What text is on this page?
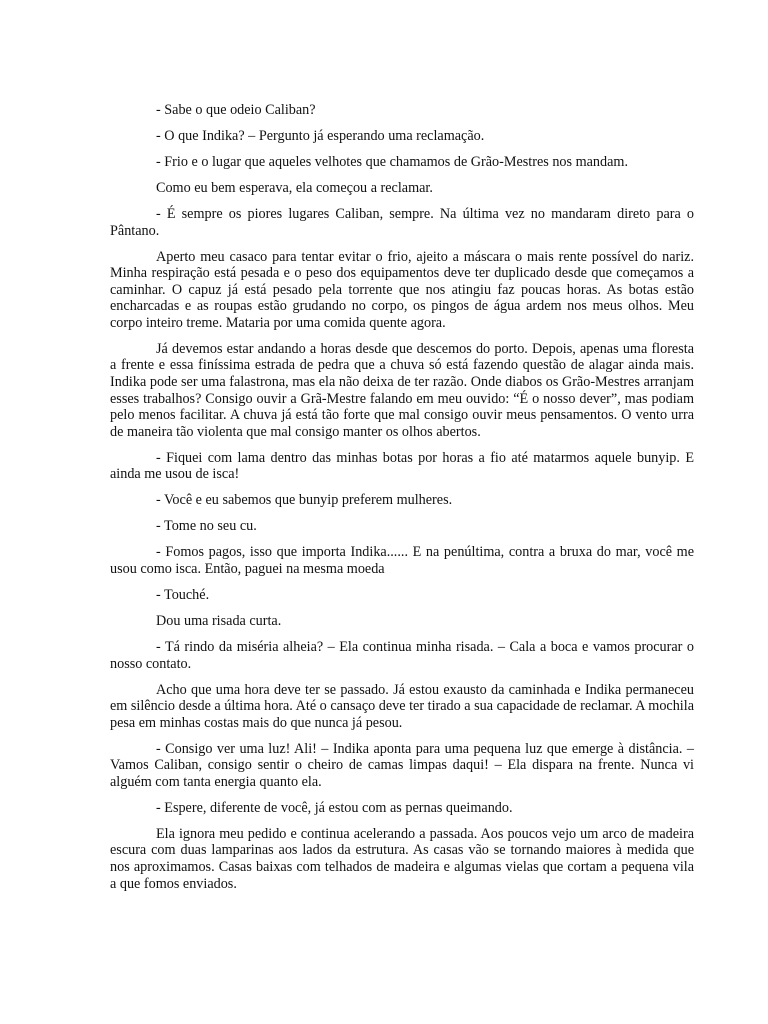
- Sabe o que odeio Caliban?

- O que Indika? – Pergunto já esperando uma reclamação.

- Frio e o lugar que aqueles velhotes que chamamos de Grão-Mestres nos mandam.

Como eu bem esperava, ela começou a reclamar.

- É sempre os piores lugares Caliban, sempre. Na última vez no mandaram direto para o Pântano.

Aperto meu casaco para tentar evitar o frio, ajeito a máscara o mais rente possível do nariz. Minha respiração está pesada e o peso dos equipamentos deve ter duplicado desde que começamos a caminhar. O capuz já está pesado pela torrente que nos atingiu faz poucas horas. As botas estão encharcadas e as roupas estão grudando no corpo, os pingos de água ardem nos meus olhos. Meu corpo inteiro treme. Mataria por uma comida quente agora.

Já devemos estar andando a horas desde que descemos do porto. Depois, apenas uma floresta a frente e essa finíssima estrada de pedra que a chuva só está fazendo questão de alagar ainda mais. Indika pode ser uma falastrona, mas ela não deixa de ter razão. Onde diabos os Grão-Mestres arranjam esses trabalhos? Consigo ouvir a Grã-Mestre falando em meu ouvido: “É o nosso dever”, mas podiam pelo menos facilitar. A chuva já está tão forte que mal consigo ouvir meus pensamentos. O vento urra de maneira tão violenta que mal consigo manter os olhos abertos.

- Fiquei com lama dentro das minhas botas por horas a fio até matarmos aquele bunyip. E ainda me usou de isca!

- Você e eu sabemos que bunyip preferem mulheres.

- Tome no seu cu.

- Fomos pagos, isso que importa Indika...... E na penúltima, contra a bruxa do mar, você me usou como isca. Então, paguei na mesma moeda

- Touché.

Dou uma risada curta.

- Tá rindo da miséria alheia? – Ela continua minha risada. – Cala a boca e vamos procurar o nosso contato.

Acho que uma hora deve ter se passado. Já estou exausto da caminhada e Indika permaneceu em silêncio desde a última hora. Até o cansaço deve ter tirado a sua capacidade de reclamar. A mochila pesa em minhas costas mais do que nunca já pesou.

- Consigo ver uma luz! Ali! – Indika aponta para uma pequena luz que emerge à distância. – Vamos Caliban, consigo sentir o cheiro de camas limpas daqui! – Ela dispara na frente. Nunca vi alguém com tanta energia quanto ela.

- Espere, diferente de você, já estou com as pernas queimando.

Ela ignora meu pedido e continua acelerando a passada. Aos poucos vejo um arco de madeira escura com duas lamparinas aos lados da estrutura. As casas vão se tornando maiores à medida que nos aproximamos. Casas baixas com telhados de madeira e algumas vielas que cortam a pequena vila a que fomos enviados.
